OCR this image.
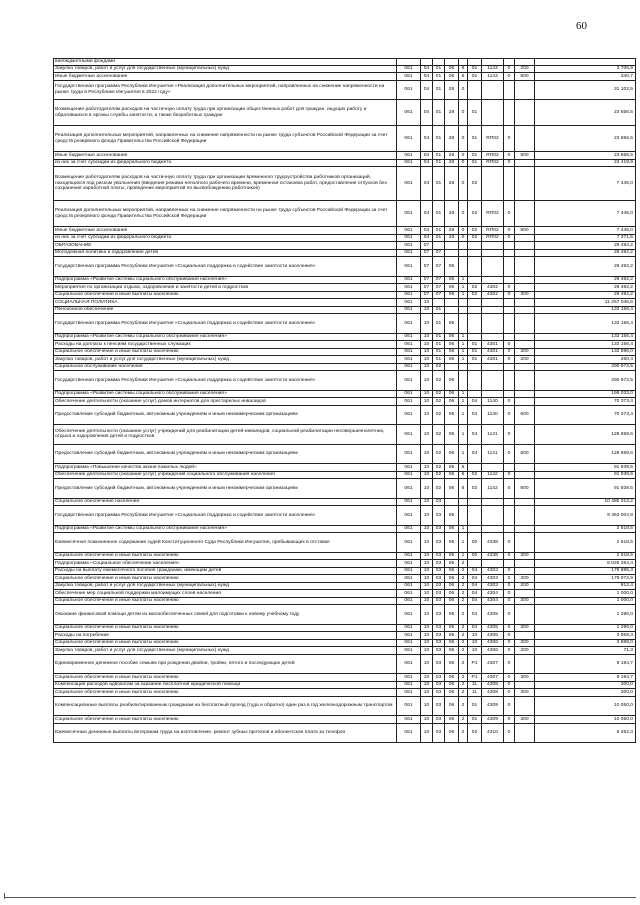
60
внебюджетными фондами										
Закупка товаров, работ и услуг для государственных (муниципальных) нужд	061	04	01	06	6	01	1143	0	200	3 706,9
Иные бюджетные ассигнования	061	04	01	06	6	01	1143	0	800	340,7
Государственная программа Республики Ингушетия «Реализация дополнительных мероприятий, направленных на снижение напряженности на рынке труда в Республике Ингушетия в 2022 году»	061	04	01	28	0					31 102,5
Возмещение работодателям расходов на частичную оплату труда при организации общественных работ для граждан, ищущих работу и обратившихся в органы службы занятости, а также безработных граждан	061	04	01	28	0	01				23 656,5
Реализация дополнительных мероприятий, направленных на снижение напряженности на рынке труда субъектов Российской Федерации за счет средств резервного фонда Правительства Российской Федерации	061	04	01	28	0	01	RП02	0		23 656,5
Иные бюджетные ассигнования	061	04	01	28	0	01	RП02	0	800	23 656,5
из них за счет субсидии из федерального бюджета	061	04	01	28	0	01	RП02	0		23 419,9
Возмещение работодателям расходов на частичную оплату труда при организации временного трудоустройства работников организаций, находящихся под риском увольнения (введения режима неполного рабочего времени, временная остановка работ, предоставление отпусков без сохранения заработной платы, проведение мероприятий по высвобождению работников)	061	04	01	28	0	02				7 446,0
Реализация дополнительных мероприятий, направленных на снижение напряженности на рынке труда субъектов Российской Федерации за счет средств резервного фонда Правительства Российской Федерации	061	04	01	28	0	02	RП02	0		7 446,0
Иные бюджетные ассигнования	061	04	01	28	0	02	RП02	0	800	7 446,0
из них за счет субсидии из федерального бюджета	061	04	01	28	0	02	RП02	0		7 371,5
ОБРАЗОВАНИЕ	061	07								29 492,2
Молодежная политика и оздоровление детей	061	07	07							29 492,2
Государственная программа Республики Ингушетия «Социальная поддержка и содействие занятости населения»	061	07	07	06						29 492,2
Подпрограмма «Развитие системы социального обслуживания населения»	061	07	07	06	1					29 492,2
Мероприятия по организации отдыха, оздоровления и занятости детей и подростков	061	07	07	06	1	02	4302	0		29 492,2
Социальное обеспечение и иные выплаты населению	061	07	07	06	1	02	4302	0	300	29 492,2
СОЦИАЛЬНАЯ ПОЛИТИКА	061	10								11 257 046,6
Пенсионное обеспечение	061	10	01							133 156,4
Государственная программа Республики Ингушетия «Социальная поддержка и содействие занятости населения»	061	10	01	06						133 156,4
Подпрограмма «Развитие системы социального обслуживания населения»	061	10	01	06	1					133 156,4
Расходы на доплаты к пенсиям государственных служащих	061	10	01	06	1	01	4301	0		133 156,4
Социальное обеспечение и иные выплаты населению	061	10	01	06	1	01	4301	0	300	132 896,0
Закупка товаров, работ и услуг для государственных (муниципальных) нужд	061	10	01	06	1	01	4301	0	200	260,4
Социальное обслуживание населения	061	10	02							290 972,5
Государственная программа Республики Ингушетия «Социальная поддержка и содействие занятости населения»	061	10	02	06						290 972,5
Подпрограмма «Развитие системы социального обслуживания населения»	061	10	02	06	1					199 033,0
Обеспечение деятельности (оказание услуг) домов интернатов для престарелых инвалидов	061	10	02	06	1	04	1140	0		70 373,4
Предоставление субсидий бюджетным, автономным учреждениям и иным некоммерческим организациям	061	10	02	06	1	04	1140	0	600	70 373,4
Обеспечение деятельности (оказание услуг) учреждений для реабилитации детей-инвалидов, социальной реабилитации несовершеннолетних, отдыха и оздоровления детей и подростков	061	10	02	06	1	04	1141	0		128 659,6
Предоставление субсидий бюджетным, автономным учреждениям и иным некоммерческим организациям	061	10	02	06	1	04	1141	0	600	128 659,6
Подпрограмма «Повышение качества жизни пожилых людей»	061	10	02	06	6					91 939,5
Обеспечение деятельности (оказание услуг) учреждений социального обслуживания населения	061	10	02	06	6	02	1142	0		91 939,5
Предоставление субсидий бюджетным, автономным учреждениям и иным некоммерческим организациям	061	10	02	06	6	02	1142	0	600	91 939,5
Социальное обеспечение населения	061	10	03							10 485 013,2
Государственная программа Республики Ингушетия «Социальная поддержка и содействие занятости населения»	061	10	03	06						9 453 004,8
Подпрограмма «Развитие системы социального обслуживания населения»	061	10	03	06	1					2 618,5
Ежемесячное пожизненное содержание судей Конституционного Суда Республики Ингушетия, пребывающих в отставке	061	10	03	06	1	00	4338	0		2 618,5
Социальное обеспечение и иные выплаты населению	061	10	03	06	1	00	4338	0	300	2 618,5
Подпрограмма «Социальное обеспечение населения»	061	10	03	06	2					8 025 264,4
Расходы на выплату ежемесячного пособия гражданам, имеющим детей	061	10	03	06	2	04	4303	0		179 885,3
Социальное обеспечение и иные выплаты населению	061	10	03	06	2	04	4303	0	300	179 072,9
Закупка товаров, работ и услуг для государственных (муниципальных) нужд	061	10	03	06	2	04	4303	0	200	812,4
Обеспечение мер социальной поддержки малоимущих слоев населения	061	10	03	06	2	04	4304	0		1 000,0
Социальное обеспечение и иные выплаты населению	061	10	03	06	2	04	4304	0	300	1 000,0
Оказание финансовой помощи детям из малообеспеченных семей для подготовки к новому учебному году	061	10	03	06	2	04	4305	0		1 296,0
Социальное обеспечение и иные выплаты населению	061	10	03	06	2	04	4305	0	300	1 296,0
Расходы на погребение	061	10	03	06	2	10	4306	0		3 959,3
Социальное обеспечение и иные выплаты населению	061	10	03	06	2	10	4306	0	300	3 888,0
Закупка товаров, работ и услуг для государственных (муниципальных) нужд	061	10	03	06	2	10	4306	0	200	71,3
Единовременное денежное пособие семьям при рождении двойни, тройни, пятого и последующих детей	061	10	03	06	2	P1	4307	0		9 194,7
Социальное обеспечение и иные выплаты населению	061	10	03	06	2	P1	4307	0	300	9 194,7
Компенсация расходов адвокатам за оказание бесплатной юридической помощи	061	10	03	06	2	11	4308	0		300,0
Социальное обеспечение и иные выплаты населению	061	10	03	06	2	11	4308	0	300	300,0
Компенсационные выплаты реабилитированным гражданам на бесплатный проезд (туда и обратно) один раз в год железнодорожным транспортом	061	10	03	06	2	01	4309	0		10 050,0
Социальное обеспечение и иные выплаты населению	061	10	03	06	2	01	4309	0	300	10 050,0
Ежемесячные денежные выплаты ветеранам труда на изготовление, ремонт зубных протезов и абонентская плата за телефон	061	10	03	06	2	02	4310	0		6 262,3
